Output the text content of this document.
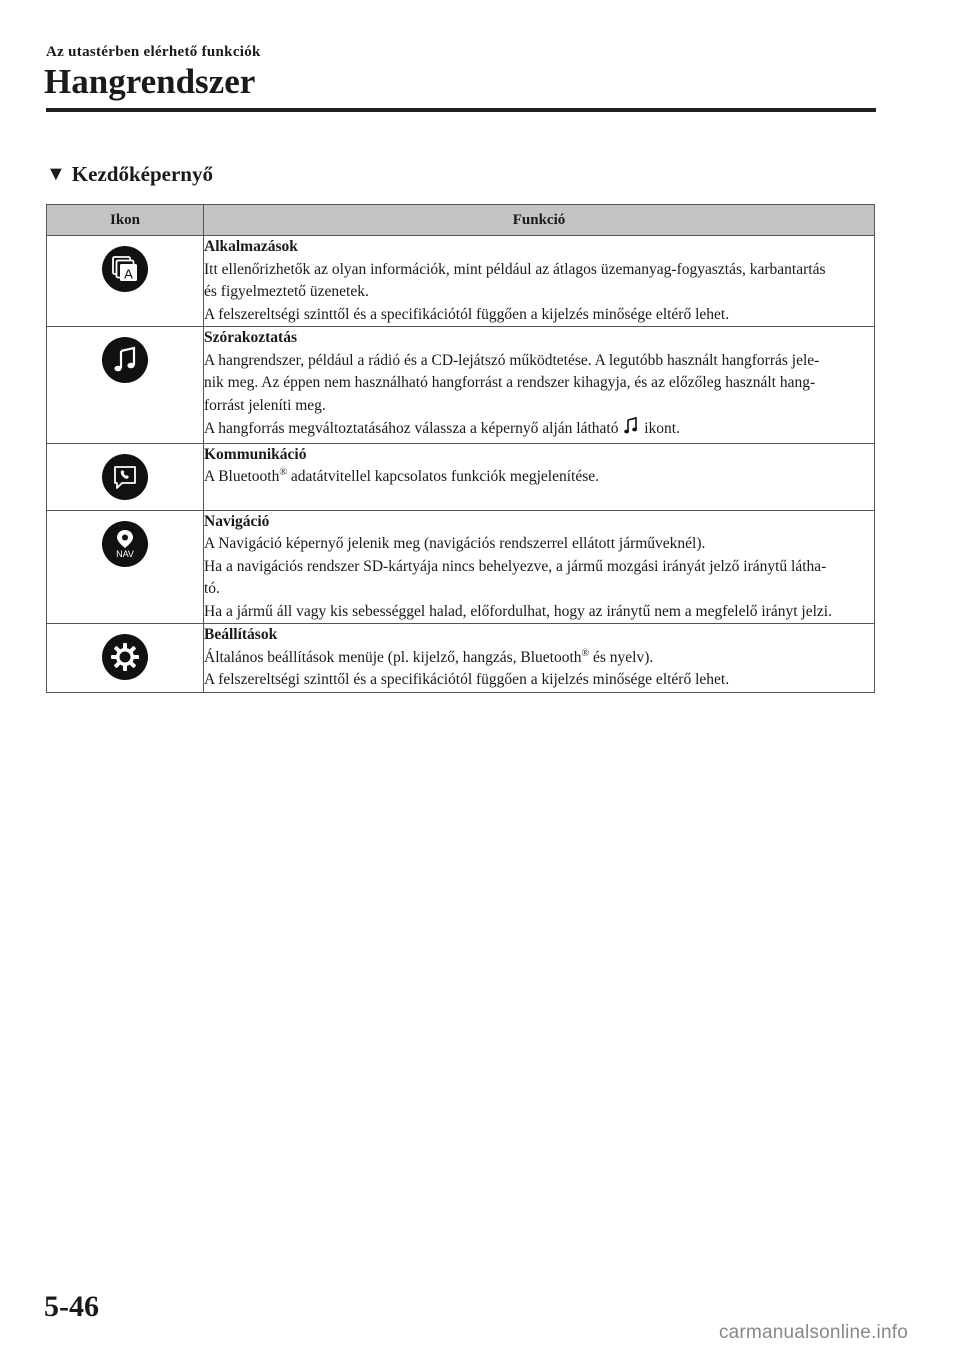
Az utastérben elérhető funkciók
Hangrendszer
▼ Kezdőképernyő
Ikon	Funkció

A	Alkalmazások
Itt ellenőrizhetők az olyan információk, mint például az átlagos üzemanyag-fogyasztás, karbantartás
és figyelmeztető üzenetek.
A felszereltségi szinttől és a specifikációtól függően a kijelzés minősége eltérő lehet.

Szórakoztatás
A hangrendszer, például a rádió és a CD-lejátszó működtetése. A legutóbb használt hangforrás jele-
nik meg. Az éppen nem használható hangforrást a rendszer kihagyja, és az előzőleg használt hang-
forrást jeleníti meg.
A hangforrás megváltoztatásához válassza a képernyő alján látható ikont.

Kommunikáció
A Bluetooth® adatátvitellel kapcsolatos funkciók megjelenítése.

NAV	Navigáció
A Navigáció képernyő jelenik meg (navigációs rendszerrel ellátott járműveknél).
Ha a navigációs rendszer SD-kártyája nincs behelyezve, a jármű mozgási irányát jelző iránytű látha-
tó.
Ha a jármű áll vagy kis sebességgel halad, előfordulhat, hogy az iránytű nem a megfelelő irányt jelzi.

Beállítások
Általános beállítások menüje (pl. kijelző, hangzás, Bluetooth® és nyelv).
A felszereltségi szinttől és a specifikációtól függően a kijelzés minősége eltérő lehet.
5-46
carmanualsonline.info
